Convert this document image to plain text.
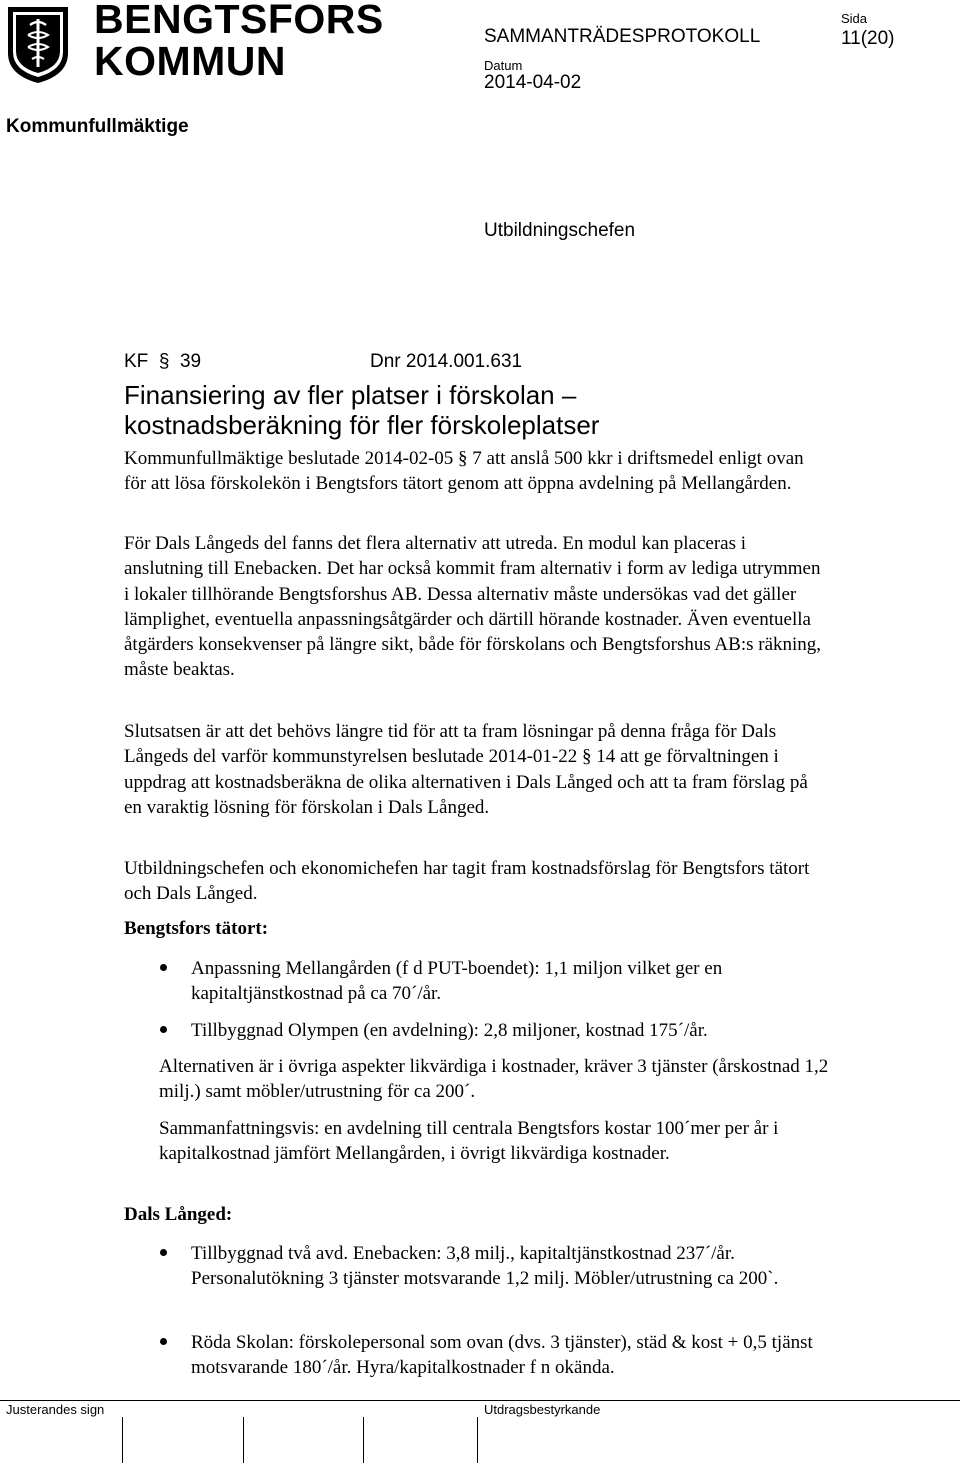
BENGTSFORS
KOMMUN
SAMMANTRÄDESPROTOKOLL
Sida
11(20)
Datum
2014-04-02
Kommunfullmäktige
Utbildningschefen
KF § 39	Dnr 2014.001.631
Finansiering av fler platser i förskolan –
kostnadsberäkning för fler förskoleplatser
Kommunfullmäktige beslutade 2014-02-05 § 7 att anslå 500 kkr i driftsmedel enligt ovan för att lösa förskolekön i Bengtsfors tätort genom att öppna avdelning på Mellangården.
För Dals Långeds del fanns det flera alternativ att utreda. En modul kan placeras i anslutning till Enebacken. Det har också kommit fram alternativ i form av lediga utrymmen i lokaler tillhörande Bengtsforshus AB. Dessa alternativ måste undersökas vad det gäller lämplighet, eventuella anpassningsåtgärder och därtill hörande kostnader. Även eventuella åtgärders konsekvenser på längre sikt, både för förskolans och Bengtsforshus AB:s räkning, måste beaktas.
Slutsatsen är att det behövs längre tid för att ta fram lösningar på denna fråga för Dals Långeds del varför kommunstyrelsen beslutade 2014-01-22 § 14 att ge förvaltningen i uppdrag att kostnadsberäkna de olika alternativen i Dals Långed och att ta fram förslag på en varaktig lösning för förskolan i Dals Långed.
Utbildningschefen och ekonomichefen har tagit fram kostnadsförslag för Bengtsfors tätort och Dals Långed.
Bengtsfors tätort:
Anpassning Mellangården (f d PUT-boendet): 1,1 miljon vilket ger en kapitaltjänstkostnad på ca 70´/år.
Tillbyggnad Olympen (en avdelning): 2,8 miljoner, kostnad 175´/år.
Alternativen är i övriga aspekter likvärdiga i kostnader, kräver 3 tjänster (årskostnad 1,2 milj.) samt möbler/utrustning för ca 200´.
Sammanfattningsvis: en avdelning till centrala Bengtsfors kostar 100´mer per år i kapitalkostnad jämfört Mellangården, i övrigt likvärdiga kostnader.
Dals Långed:
Tillbyggnad två avd. Enebacken: 3,8 milj., kapitaltjänstkostnad 237´/år. Personalutökning 3 tjänster motsvarande 1,2 milj. Möbler/utrustning ca 200`.
Röda Skolan: förskolepersonal som ovan (dvs. 3 tjänster), städ & kost + 0,5 tjänst motsvarande 180´/år. Hyra/kapitalkostnader f n okända.
Justerandes sign	Utdragsbestyrkande
